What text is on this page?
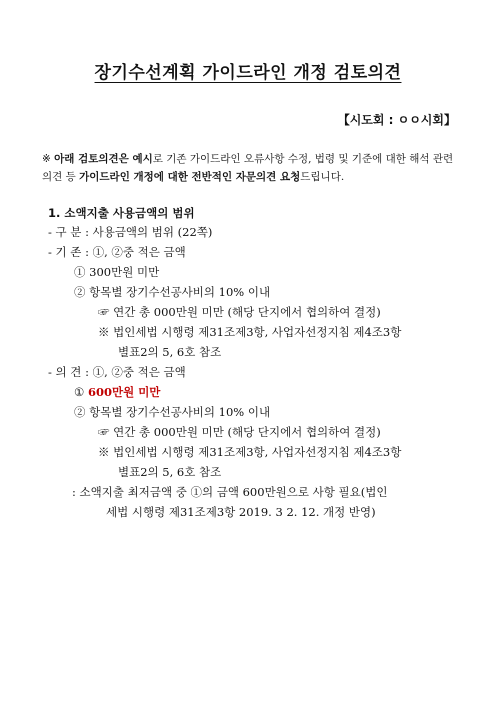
장기수선계획 가이드라인 개정 검토의견
【시도회 : ㅇㅇ시회】
※ 아래 검토의견은 예시로 기존 가이드라인 오류사항 수정, 법령 및 기준에 대한 해석 관련 의견 등 가이드라인 개정에 대한 전반적인 자문의견 요청드립니다.
1. 소액지출 사용금액의 범위
- 구 분 : 사용금액의 범위 (22쪽)
- 기 존 : ①, ②중 적은 금액
① 300만원 미만
② 항목별 장기수선공사비의 10% 이내
☞ 연간 총 000만원 미만 (해당 단지에서 협의하여 결정)
※ 법인세법 시행령 제31조제3항, 사업자선정지침 제4조3항
별표2의 5, 6호 참조
- 의 견 : ①, ②중 적은 금액
① 600만원 미만
② 항목별 장기수선공사비의 10% 이내
☞ 연간 총 000만원 미만 (해당 단지에서 협의하여 결정)
※ 법인세법 시행령 제31조제3항, 사업자선정지침 제4조3항
별표2의 5, 6호 참조
: 소액지출 최저금액 중 ①의 금액 600만원으로 사항 필요(법인
세법 시행령 제31조제3항 2019. 3 2. 12. 개정 반영)
